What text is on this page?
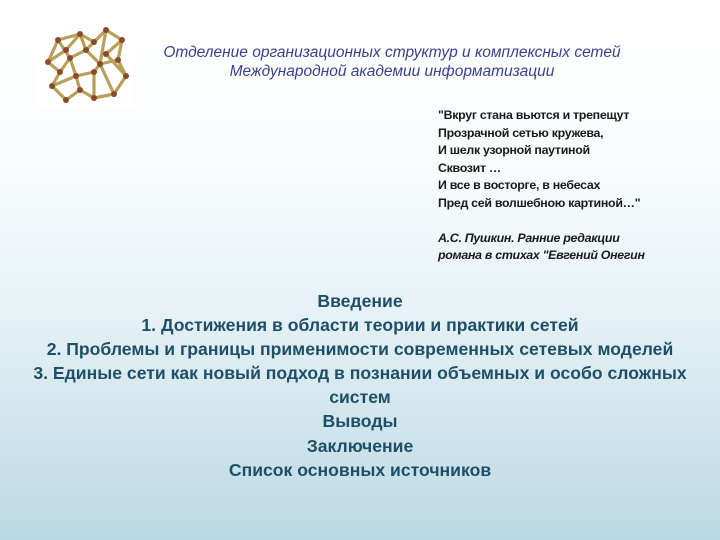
Отделение организационных структур и комплексных сетей
Международной академии информатизации
"Вкруг стана вьются и трепещут
Прозрачной сетью кружева,
И шелк узорной паутиной
Сквозит …
И все в восторге, в небесах
Пред сей волшебною картиной…"
А.С. Пушкин. Ранние редакции
романа в стихах "Евгений Онегин
Введение
1. Достижения в области теории и практики сетей
2. Проблемы и границы применимости современных сетевых моделей
3. Единые сети как новый подход в познании объемных и особо сложных систем
Выводы
Заключение
Список основных источников
